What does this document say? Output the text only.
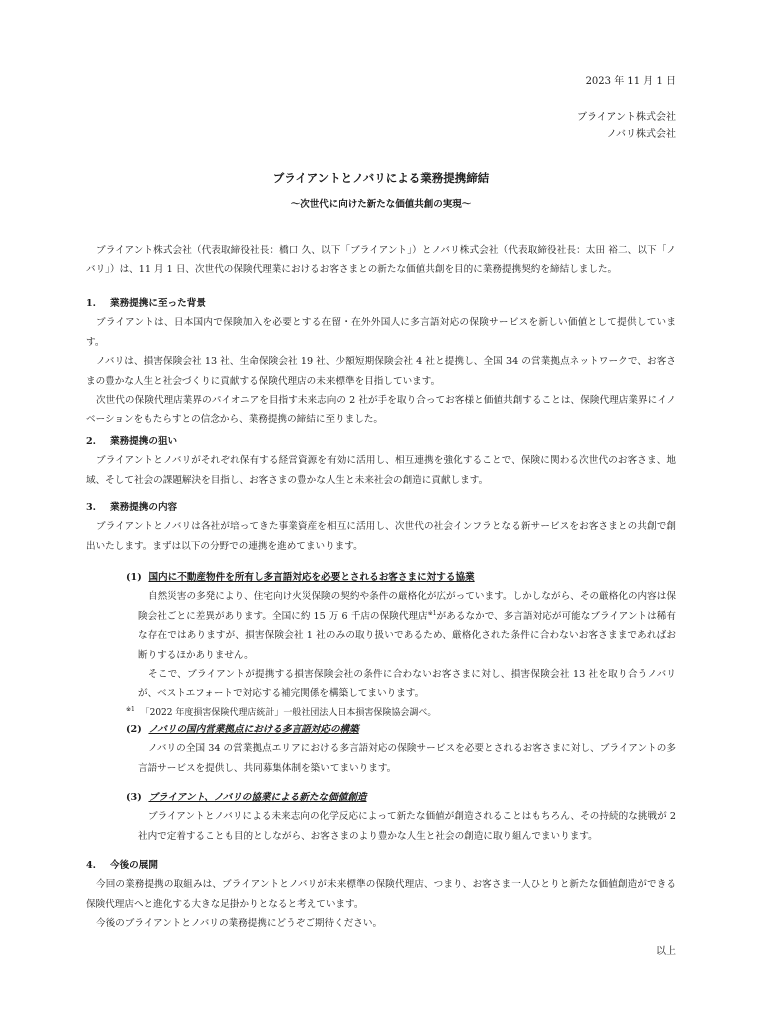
2023 年 11 月 1 日
ブライアント株式会社
ノバリ株式会社
ブライアントとノバリによる業務提携締結
〜次世代に向けた新たな価値共創の実現〜

ブライアント株式会社（代表取締役社長：橋口 久、以下「ブライアント」）とノバリ株式会社（代表取締役社長：太田 裕二、以下「ノバリ」）は、11 月 1 日、次世代の保険代理業におけるお客さまとの新たな価値共創を目的に業務提携契約を締結しました。

1. 業務提携に至った背景

ブライアントは、日本国内で保険加入を必要とする在留・在外外国人に多言語対応の保険サービスを新しい価値として提供しています。

ノバリは、損害保険会社 13 社、生命保険会社 19 社、少額短期保険会社 4 社と提携し、全国 34 の営業拠点ネットワークで、お客さまの豊かな人生と社会づくりに貢献する保険代理店の未来標準を目指しています。

次世代の保険代理店業界のパイオニアを目指す未来志向の 2 社が手を取り合ってお客様と価値共創することは、保険代理店業界にイノベーションをもたらすとの信念から、業務提携の締結に至りました。

2. 業務提携の狙い

ブライアントとノバリがそれぞれ保有する経営資源を有効に活用し、相互連携を強化することで、保険に関わる次世代のお客さま、地域、そして社会の課題解決を目指し、お客さまの豊かな人生と未来社会の創造に貢献します。

3. 業務提携の内容

ブライアントとノバリは各社が培ってきた事業資産を相互に活用し、次世代の社会インフラとなる新サービスをお客さまとの共創で創出いたします。まずは以下の分野での連携を進めてまいります。

(1) 国内に不動産物件を所有し多言語対応を必要とされるお客さまに対する協業

自然災害の多発により、住宅向け火災保険の契約や条件の厳格化が広がっています。しかしながら、その厳格化の内容は保険会社ごとに差異があります。全国に約 15 万 6 千店の保険代理店$^{※1}$があるなかで、多言語対応が可能なブライアントは稀有な存在ではありますが、損害保険会社 1 社のみの取り扱いであるため、厳格化された条件に合わないお客さままであればお断りするほかありません。

そこで、ブライアントが提携する損害保険会社の条件に合わないお客さまに対し、損害保険会社 13 社を取り合うノバリが、ベストエフォートで対応する補完関係を構築してまいります。

$^{※1}$ 「2022 年度損害保険代理店統計」一般社団法人日本損害保険協会調べ。

(2) ノバリの国内営業拠点における多言語対応の構築

ノバリの全国 34 の営業拠点エリアにおける多言語対応の保険サービスを必要とされるお客さまに対し、ブライアントの多言語サービスを提供し、共同募集体制を築いてまいります。

(3) ブライアント、ノバリの協業による新たな価値創造

ブライアントとノバリによる未来志向の化学反応によって新たな価値が創造されることはもちろん、その持続的な挑戦が 2 社内で定着することも目的としながら、お客さまのより豊かな人生と社会の創造に取り組んでまいります。

4. 今後の展開

今回の業務提携の取組みは、ブライアントとノバリが未来標準の保険代理店、つまり、お客さま一人ひとりと新たな価値創造ができる保険代理店へと進化する大きな足掛かりとなると考えています。

今後のブライアントとノバリの業務提携にどうぞご期待ください。

以上
